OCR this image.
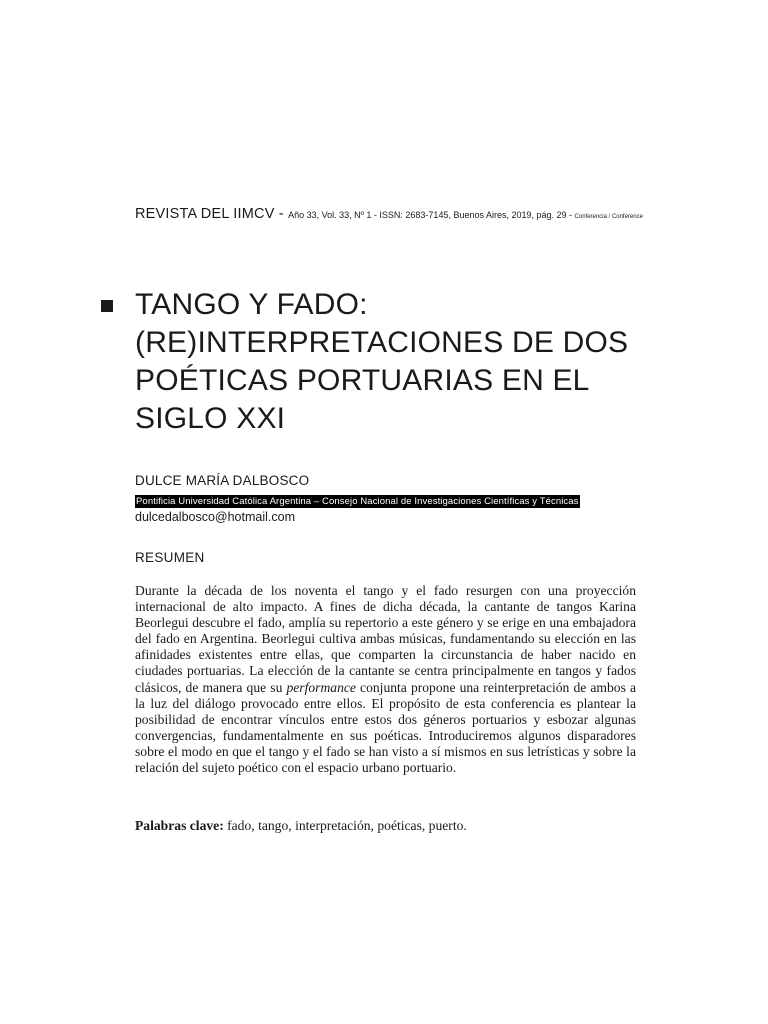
REVISTA DEL IIMCV - Año 33, Vol. 33, Nº 1 - ISSN: 2683-7145, Buenos Aires, 2019, pág. 29 - Conferencia / Conference
TANGO Y FADO:
(RE)INTERPRETACIONES DE DOS
POÉTICAS PORTUARIAS EN EL
SIGLO XXI
DULCE MARÍA DALBOSCO
Pontificia Universidad Católica Argentina – Consejo Nacional de Investigaciones Científicas y Técnicas
dulcedalbosco@hotmail.com
RESUMEN

Durante la década de los noventa el tango y el fado resurgen con una proyección internacional de alto impacto. A fines de dicha década, la cantante de tangos Karina Beorlegui descubre el fado, amplía su repertorio a este género y se erige en una embajadora del fado en Argentina. Beorlegui cultiva ambas músicas, fundamentando su elección en las afinidades existentes entre ellas, que comparten la circunstancia de haber nacido en ciudades portuarias. La elección de la cantante se centra principalmente en tangos y fados clásicos, de manera que su performance conjunta propone una reinterpretación de ambos a la luz del diálogo provocado entre ellos. El propósito de esta conferencia es plantear la posibilidad de encontrar vínculos entre estos dos géneros portuarios y esbozar algunas convergencias, fundamentalmente en sus poéticas. Introduciremos algunos disparadores sobre el modo en que el tango y el fado se han visto a sí mismos en sus letrísticas y sobre la relación del sujeto poético con el espacio urbano portuario.

Palabras clave: fado, tango, interpretación, poéticas, puerto.
